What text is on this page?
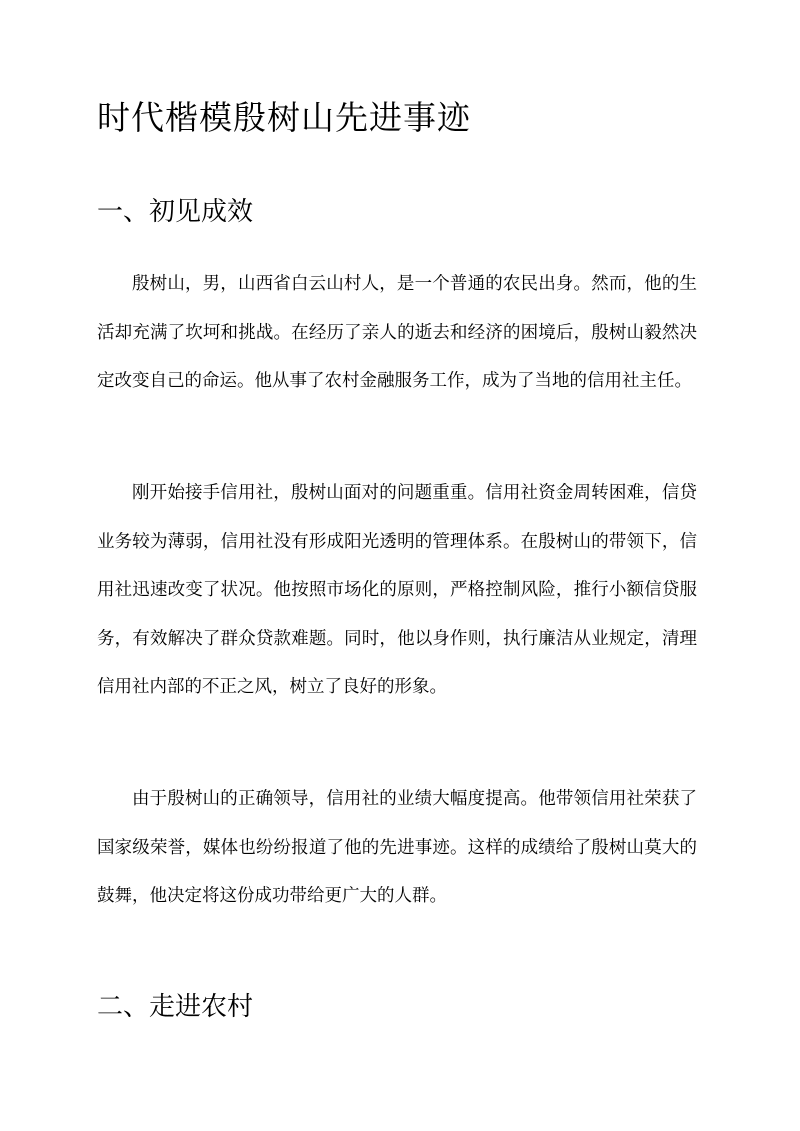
时代楷模殷树山先进事迹
一、初见成效

殷树山，男，山西省白云山村人，是一个普通的农民出身。然而，他的生活却充满了坎坷和挑战。在经历了亲人的逝去和经济的困境后，殷树山毅然决定改变自己的命运。他从事了农村金融服务工作，成为了当地的信用社主任。

刚开始接手信用社，殷树山面对的问题重重。信用社资金周转困难，信贷业务较为薄弱，信用社没有形成阳光透明的管理体系。在殷树山的带领下，信用社迅速改变了状况。他按照市场化的原则，严格控制风险，推行小额信贷服务，有效解决了群众贷款难题。同时，他以身作则，执行廉洁从业规定，清理信用社内部的不正之风，树立了良好的形象。

由于殷树山的正确领导，信用社的业绩大幅度提高。他带领信用社荣获了国家级荣誉，媒体也纷纷报道了他的先进事迹。这样的成绩给了殷树山莫大的鼓舞，他决定将这份成功带给更广大的人群。

二、走进农村
